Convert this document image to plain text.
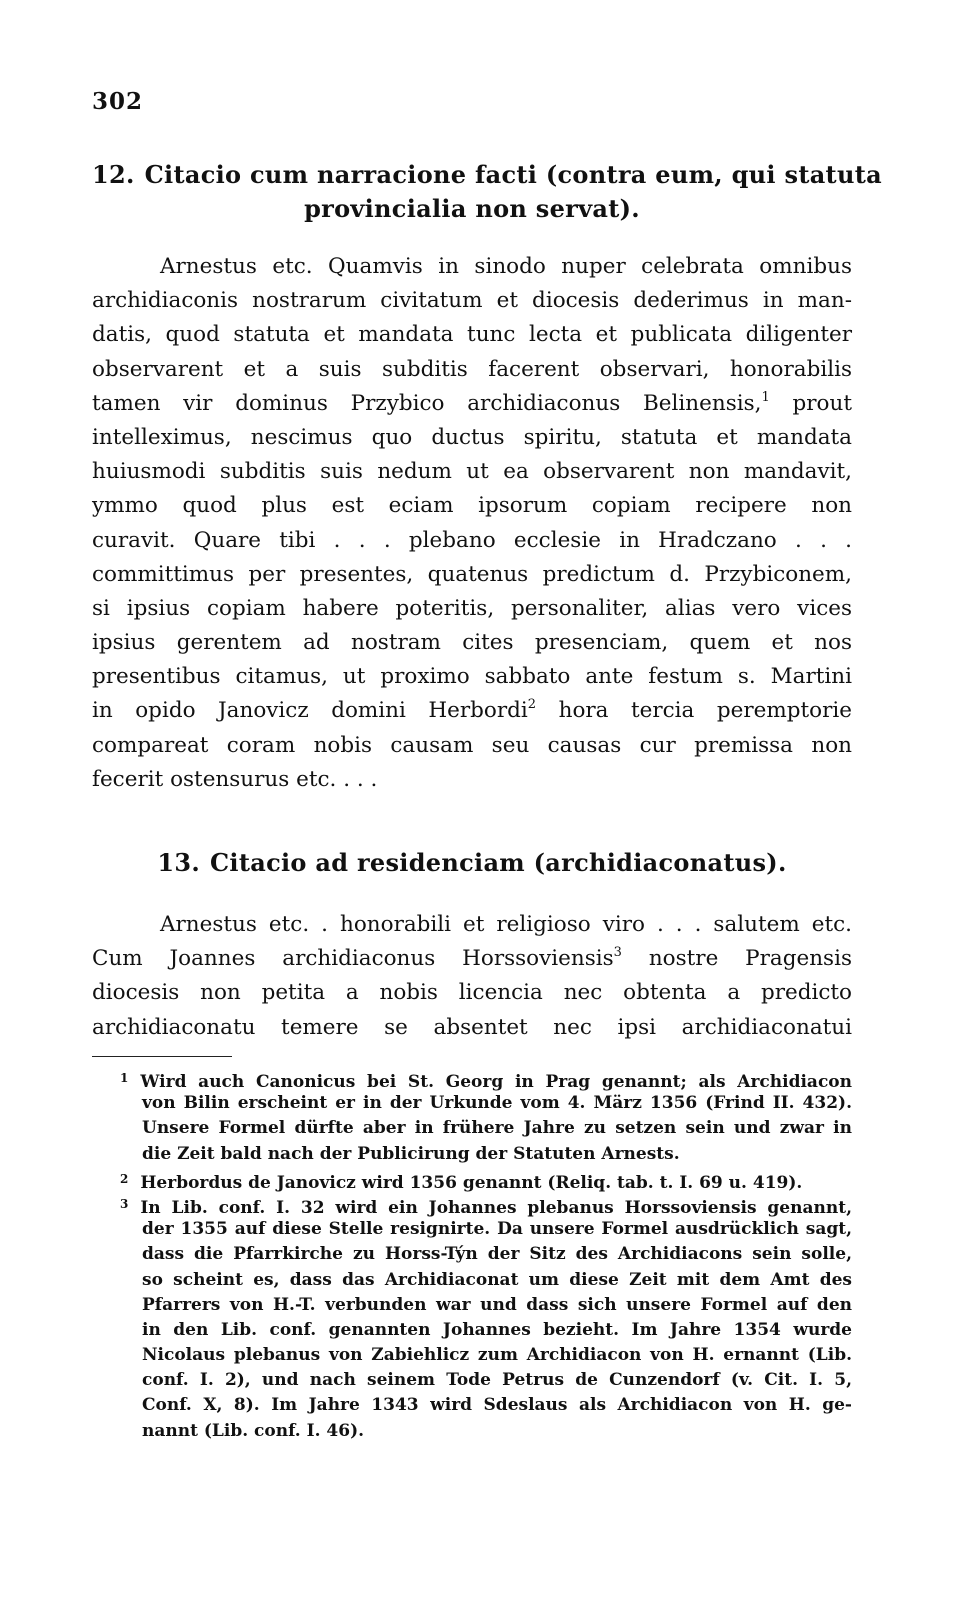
302
12. Citacio cum narracione facti (contra eum, qui statuta
provincialia non servat).
Arnestus etc. Quamvis in sinodo nuper celebrata omnibus
archidiaconis nostrarum civitatum et diocesis dederimus in man-
datis, quod statuta et mandata tunc lecta et publicata diligenter
observarent et a suis subditis facerent observari, honorabilis
tamen vir dominus Przybico archidiaconus Belinensis,$^1$ prout
intelleximus, nescimus quo ductus spiritu, statuta et mandata
huiusmodi subditis suis nedum ut ea observarent non mandavit,
ymmo quod plus est eciam ipsorum copiam recipere non
curavit. Quare tibi . . . plebano ecclesie in Hradczano . . .
committimus per presentes, quatenus predictum d. Przybiconem,
si ipsius copiam habere poteritis, personaliter, alias vero vices
ipsius gerentem ad nostram cites presenciam, quem et nos
presentibus citamus, ut proximo sabbato ante festum s. Martini
in opido Janovicz domini Herbordi$^2$ hora tercia peremptorie
compareat coram nobis causam seu causas cur premissa non
fecerit ostensurus etc. . . .
13. Citacio ad residenciam (archidiaconatus).
Arnestus etc. . honorabili et religioso viro . . . salutem etc.
Cum Joannes archidiaconus Horssoviensis$^3$ nostre Pragensis
diocesis non petita a nobis licencia nec obtenta a predicto
archidiaconatu temere se absentet nec ipsi archidiaconatui
$^1$ Wird auch Canonicus bei St. Georg in Prag genannt; als Archidiacon
von Bilin erscheint er in der Urkunde vom 4. März 1356 (Frind II. 432).
Unsere Formel dürfte aber in frühere Jahre zu setzen sein und zwar in
die Zeit bald nach der Publicirung der Statuten Arnests.
$^2$ Herbordus de Janovicz wird 1356 genannt (Reliq. tab. t. I. 69 u. 419).
$^3$ In Lib. conf. I. 32 wird ein Johannes plebanus Horssoviensis genannt,
der 1355 auf diese Stelle resignirte. Da unsere Formel ausdrücklich sagt,
dass die Pfarrkirche zu Horss-Týn der Sitz des Archidiacons sein solle,
so scheint es, dass das Archidiaconat um diese Zeit mit dem Amt des
Pfarrers von H.-T. verbunden war und dass sich unsere Formel auf den
in den Lib. conf. genannten Johannes bezieht. Im Jahre 1354 wurde
Nicolaus plebanus von Zabiehlicz zum Archidiacon von H. ernannt (Lib.
conf. I. 2), und nach seinem Tode Petrus de Cunzendorf (v. Cit. I. 5,
Conf. X, 8). Im Jahre 1343 wird Sdeslaus als Archidiacon von H. ge-
nannt (Lib. conf. I. 46).
